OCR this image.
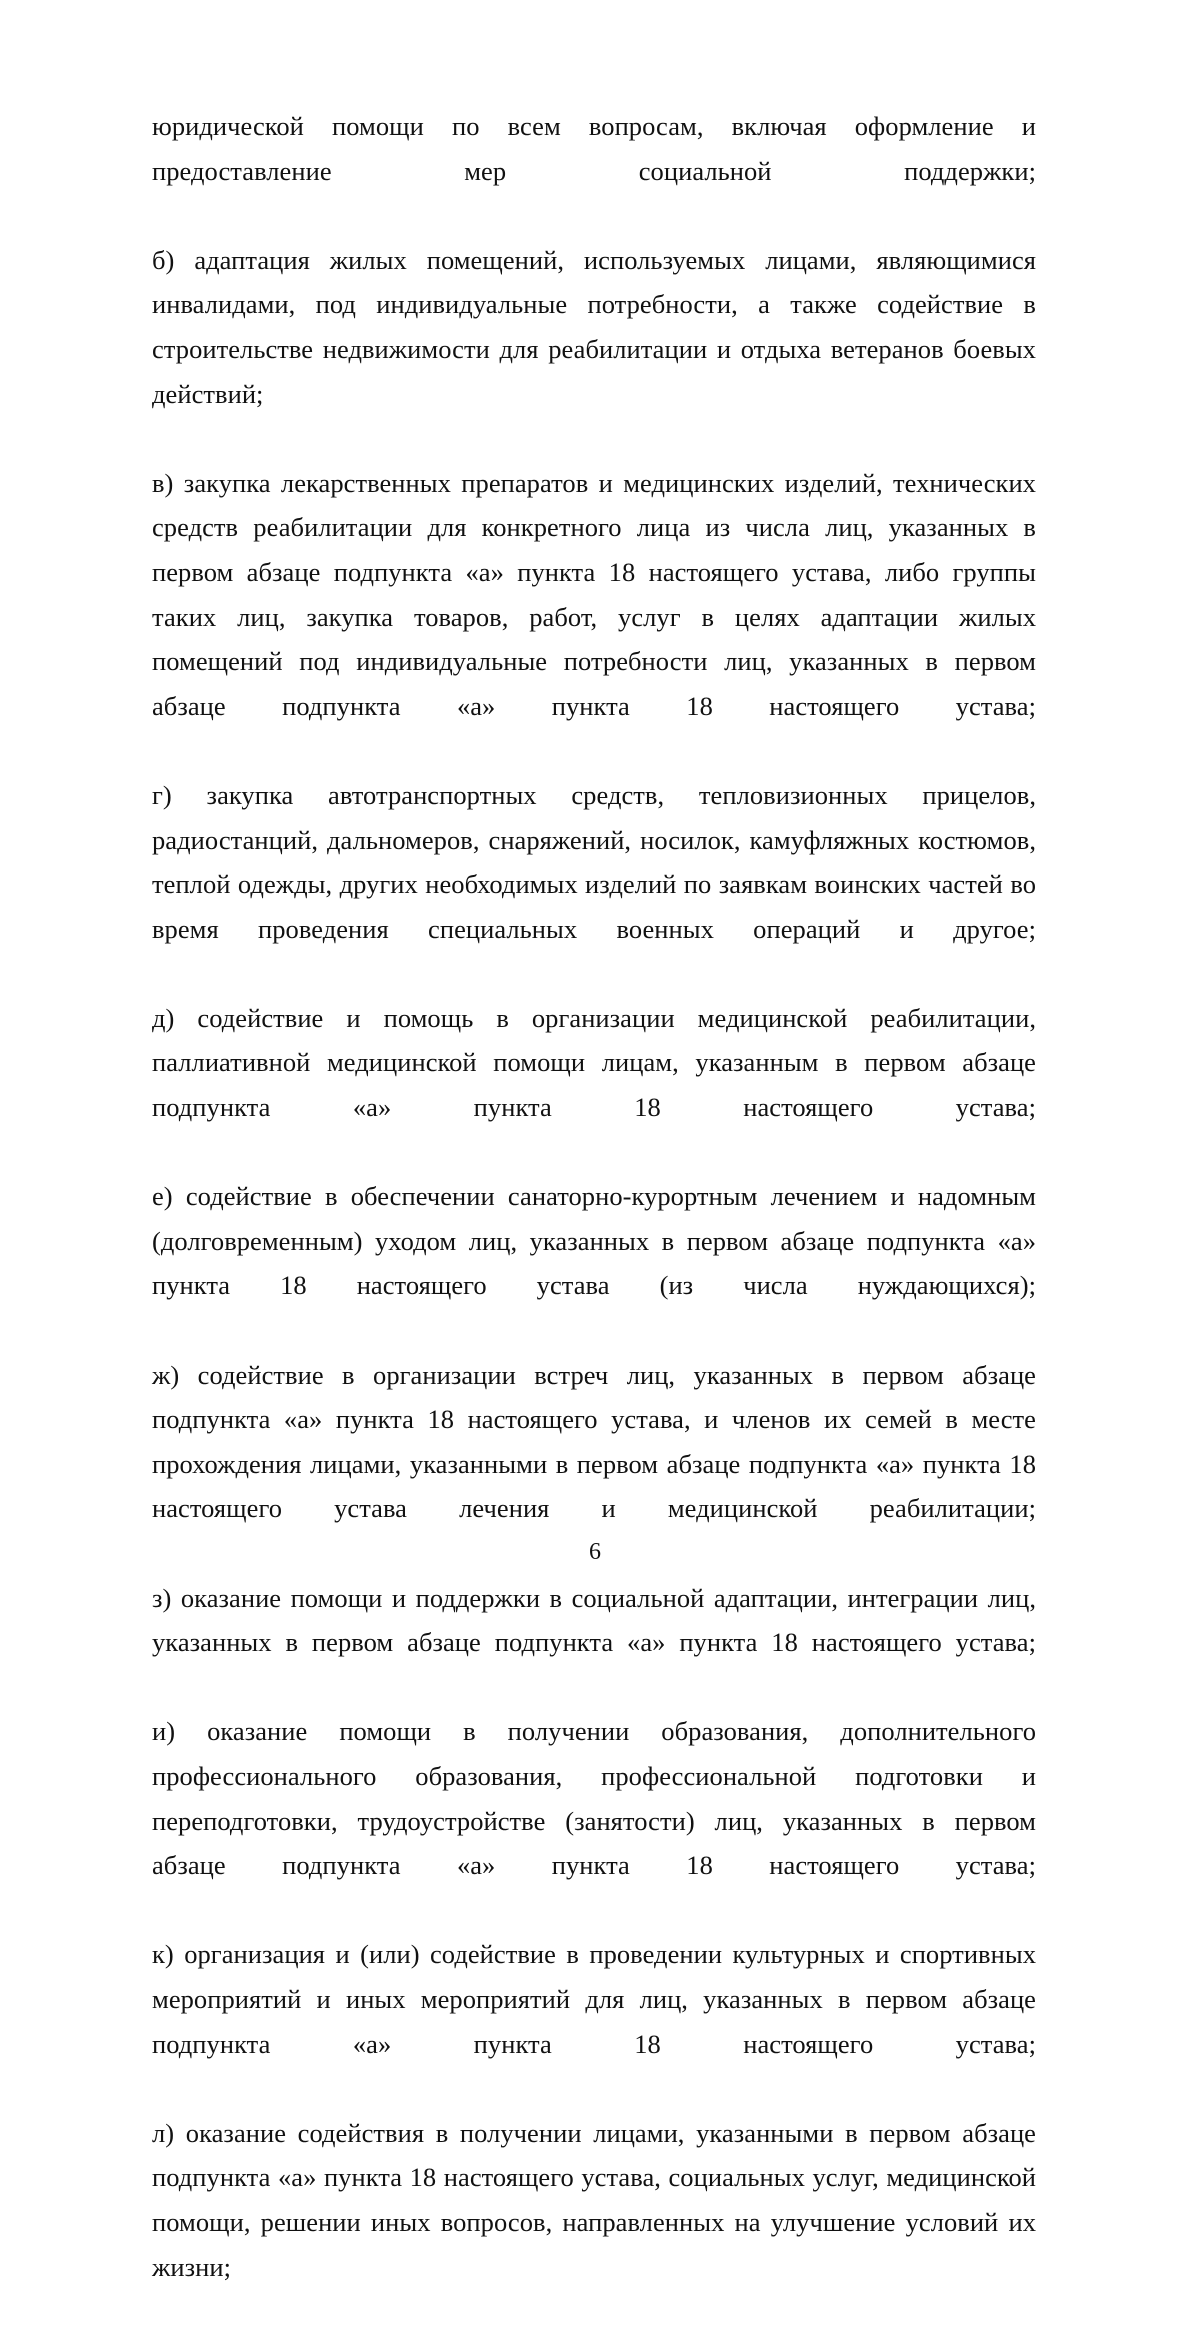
юридической помощи по всем вопросам, включая оформление и предоставление мер социальной поддержки;

б) адаптация жилых помещений, используемых лицами, являющимися инвалидами, под индивидуальные потребности, а также содействие в строительстве недвижимости для реабилитации и отдыха ветеранов боевых действий;

в) закупка лекарственных препаратов и медицинских изделий, технических средств реабилитации для конкретного лица из числа лиц, указанных в первом абзаце подпункта «а» пункта 18 настоящего устава, либо группы таких лиц, закупка товаров, работ, услуг в целях адаптации жилых помещений под индивидуальные потребности лиц, указанных в первом абзаце подпункта «а» пункта 18 настоящего устава;

г) закупка автотранспортных средств, тепловизионных прицелов, радиостанций, дальномеров, снаряжений, носилок, камуфляжных костюмов, теплой одежды, других необходимых изделий по заявкам воинских частей во время проведения специальных военных операций и другое;

д) содействие и помощь в организации медицинской реабилитации, паллиативной медицинской помощи лицам, указанным в первом абзаце подпункта «а» пункта 18 настоящего устава;

е) содействие в обеспечении санаторно-курортным лечением и надомным (долговременным) уходом лиц, указанных в первом абзаце подпункта «а» пункта 18 настоящего устава (из числа нуждающихся);

ж) содействие в организации встреч лиц, указанных в первом абзаце подпункта «а» пункта 18 настоящего устава, и членов их семей в месте прохождения лицами, указанными в первом абзаце подпункта «а» пункта 18 настоящего устава лечения и медицинской реабилитации;

з) оказание помощи и поддержки в социальной адаптации, интеграции лиц, указанных в первом абзаце подпункта «а» пункта 18 настоящего устава;

и) оказание помощи в получении образования, дополнительного профессионального образования, профессиональной подготовки и переподготовки, трудоустройстве (занятости) лиц, указанных в первом абзаце подпункта «а» пункта 18 настоящего устава;

к) организация и (или) содействие в проведении культурных и спортивных мероприятий и иных мероприятий для лиц, указанных в первом абзаце подпункта «а» пункта 18 настоящего устава;

л) оказание содействия в получении лицами, указанными в первом абзаце подпункта «а» пункта 18 настоящего устава, социальных услуг, медицинской помощи, решении иных вопросов, направленных на улучшение условий их жизни;

6
